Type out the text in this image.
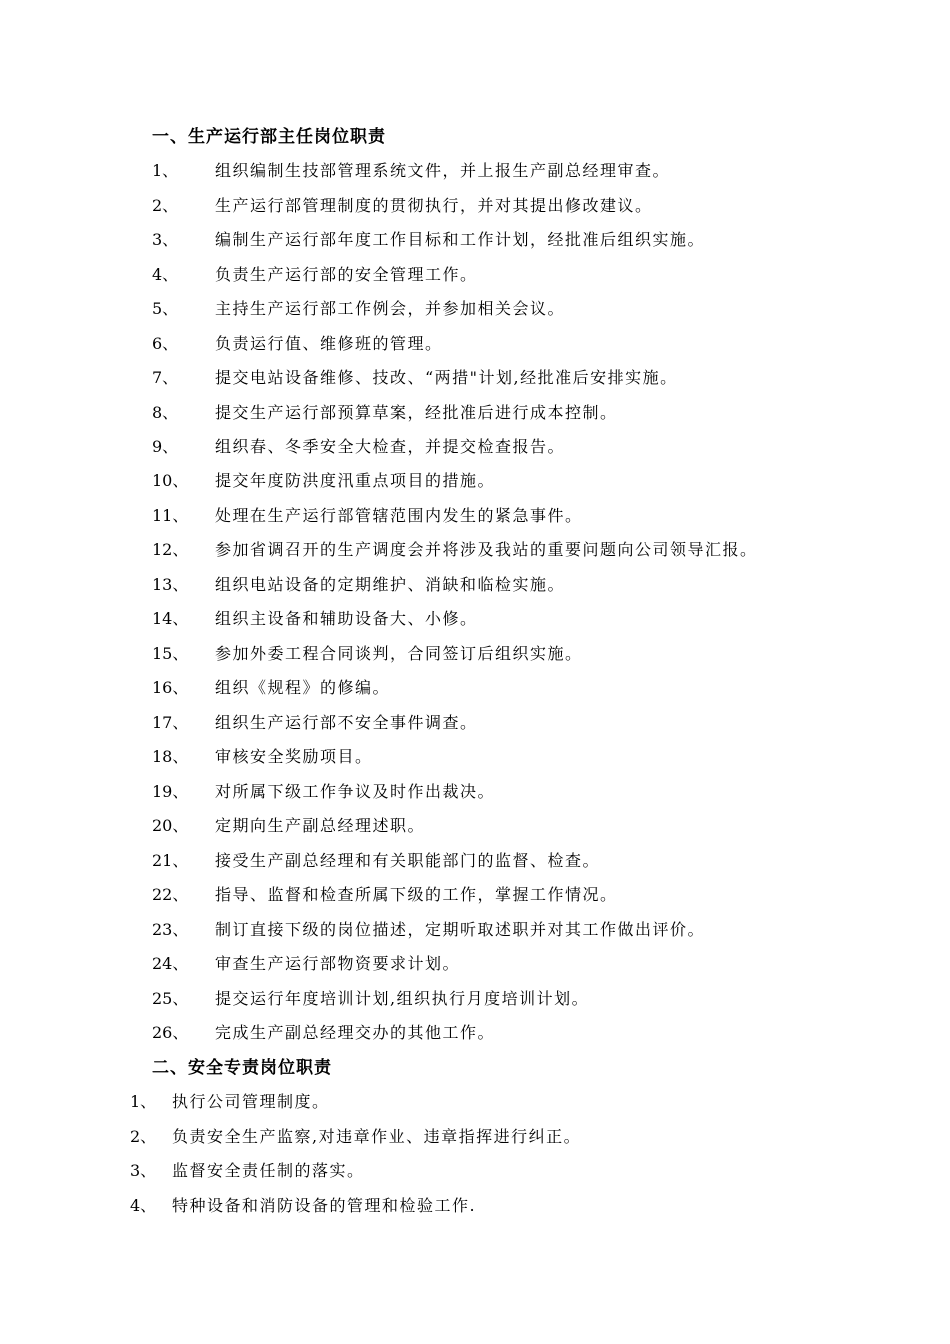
一、生产运行部主任岗位职责
1、 组织编制生技部管理系统文件，并上报生产副总经理审查。
2、 生产运行部管理制度的贯彻执行，并对其提出修改建议。
3、 编制生产运行部年度工作目标和工作计划，经批准后组织实施。
4、 负责生产运行部的安全管理工作。
5、 主持生产运行部工作例会，并参加相关会议。
6、 负责运行值、维修班的管理。
7、 提交电站设备维修、技改、“两措"计划,经批准后安排实施。
8、 提交生产运行部预算草案，经批准后进行成本控制。
9、 组织春、冬季安全大检查，并提交检查报告。
10、 提交年度防洪度汛重点项目的措施。
11、 处理在生产运行部管辖范围内发生的紧急事件。
12、 参加省调召开的生产调度会并将涉及我站的重要问题向公司领导汇报。
13、 组织电站设备的定期维护、消缺和临检实施。
14、 组织主设备和辅助设备大、小修。
15、 参加外委工程合同谈判，合同签订后组织实施。
16、 组织《规程》的修编。
17、 组织生产运行部不安全事件调查。
18、 审核安全奖励项目。
19、 对所属下级工作争议及时作出裁决。
20、 定期向生产副总经理述职。
21、 接受生产副总经理和有关职能部门的监督、检查。
22、 指导、监督和检查所属下级的工作，掌握工作情况。
23、 制订直接下级的岗位描述，定期听取述职并对其工作做出评价。
24、 审查生产运行部物资要求计划。
25、 提交运行年度培训计划,组织执行月度培训计划。
26、 完成生产副总经理交办的其他工作。
二、安全专责岗位职责
1、 执行公司管理制度。
2、 负责安全生产监察,对违章作业、违章指挥进行纠正。
3、 监督安全责任制的落实。
4、 特种设备和消防设备的管理和检验工作.
